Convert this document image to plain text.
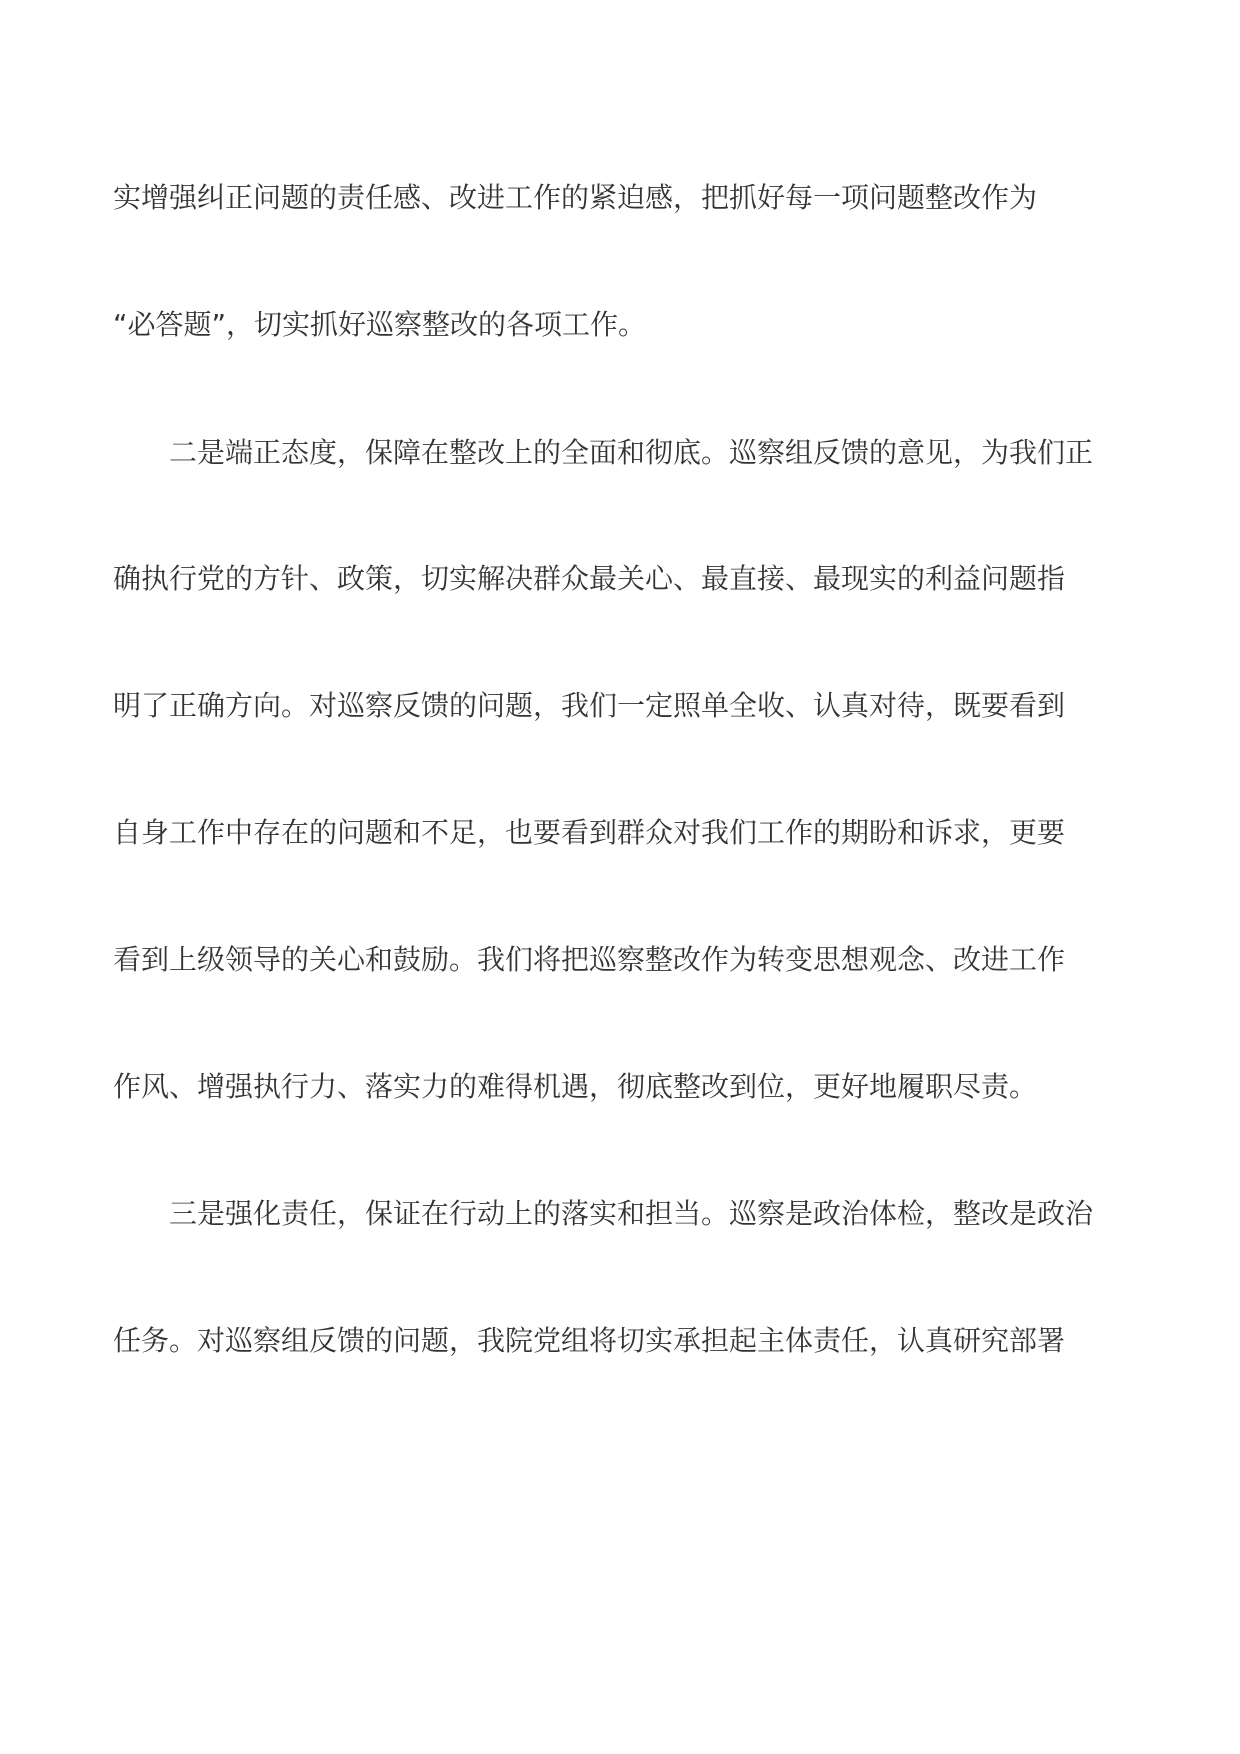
实增强纠正问题的责任感、改进工作的紧迫感，把抓好每一项问题整改作为
“必答题”，切实抓好巡察整改的各项工作。
　　二是端正态度，保障在整改上的全面和彻底。巡察组反馈的意见，为我们正
确执行党的方针、政策，切实解决群众最关心、最直接、最现实的利益问题指
明了正确方向。对巡察反馈的问题，我们一定照单全收、认真对待，既要看到
自身工作中存在的问题和不足，也要看到群众对我们工作的期盼和诉求，更要
看到上级领导的关心和鼓励。我们将把巡察整改作为转变思想观念、改进工作
作风、增强执行力、落实力的难得机遇，彻底整改到位，更好地履职尽责。
　　三是强化责任，保证在行动上的落实和担当。巡察是政治体检，整改是政治
任务。对巡察组反馈的问题，我院党组将切实承担起主体责任，认真研究部署
